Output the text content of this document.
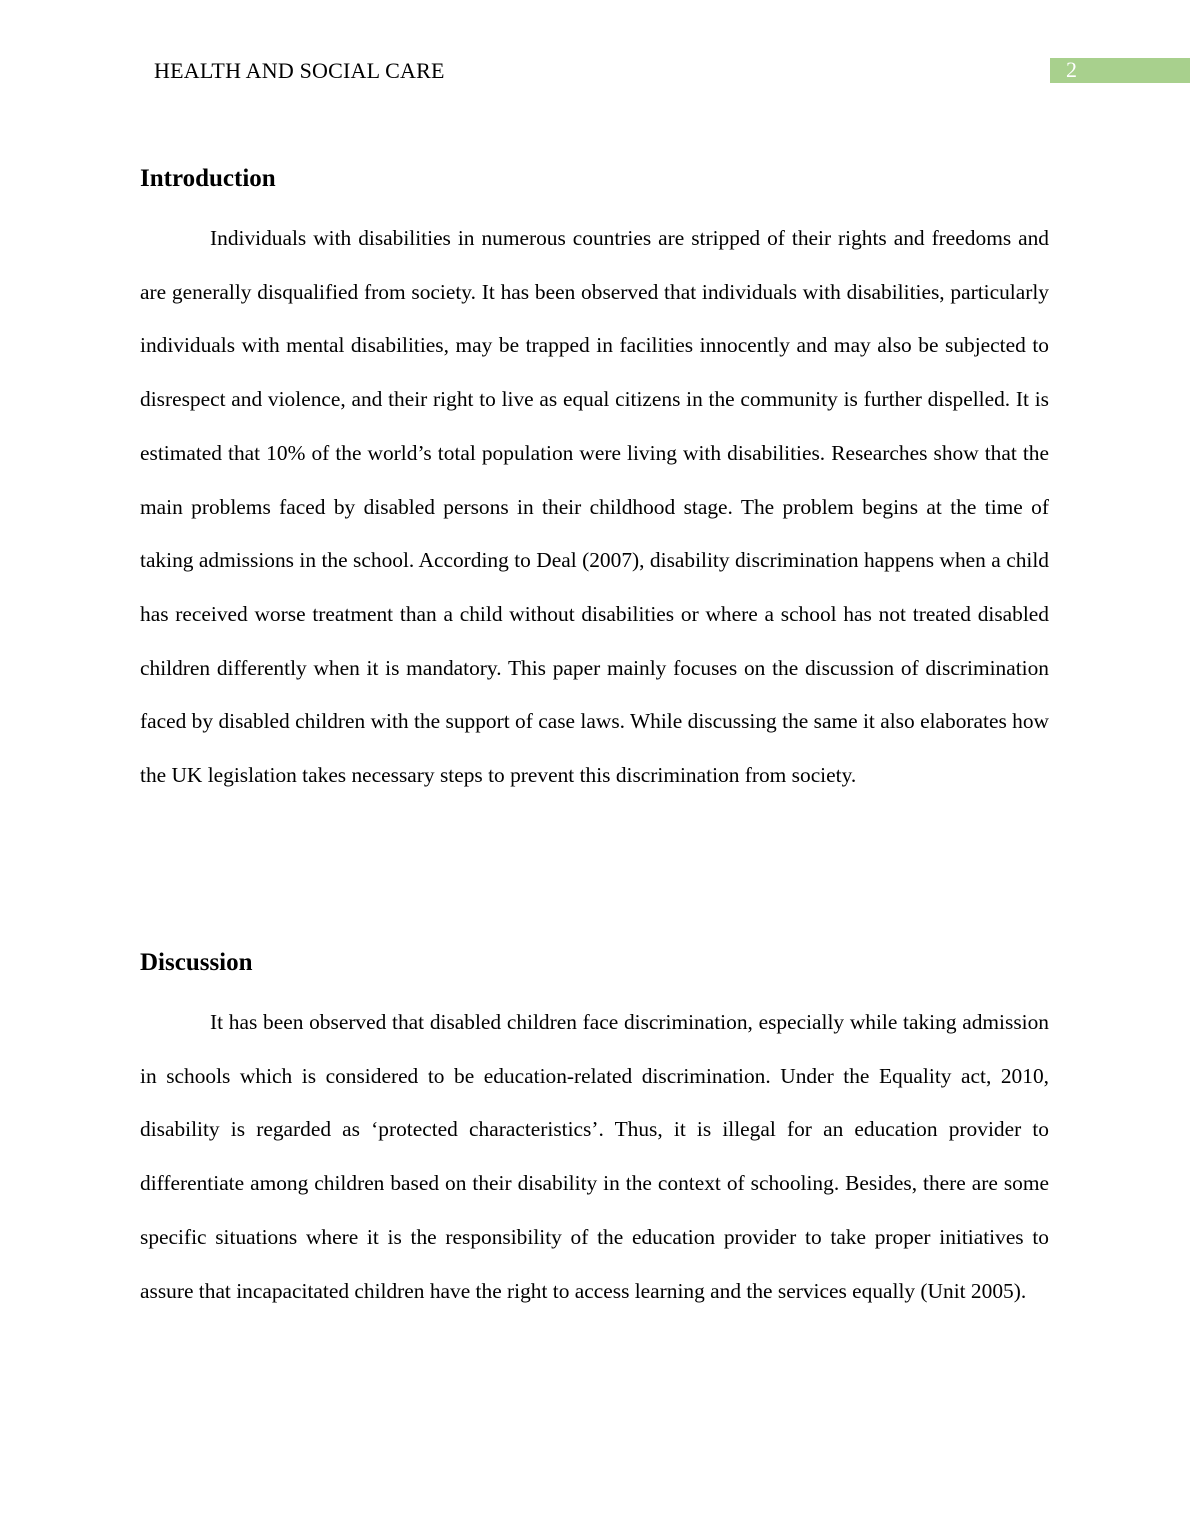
HEALTH AND SOCIAL CARE	2
Introduction

Individuals with disabilities in numerous countries are stripped of their rights and freedoms and are generally disqualified from society. It has been observed that individuals with disabilities, particularly individuals with mental disabilities, may be trapped in facilities innocently and may also be subjected to disrespect and violence, and their right to live as equal citizens in the community is further dispelled. It is estimated that 10% of the world’s total population were living with disabilities. Researches show that the main problems faced by disabled persons in their childhood stage. The problem begins at the time of taking admissions in the school. According to Deal (2007), disability discrimination happens when a child has received worse treatment than a child without disabilities or where a school has not treated disabled children differently when it is mandatory. This paper mainly focuses on the discussion of discrimination faced by disabled children with the support of case laws. While discussing the same it also elaborates how the UK legislation takes necessary steps to prevent this discrimination from society.

Discussion

It has been observed that disabled children face discrimination, especially while taking admission in schools which is considered to be education-related discrimination. Under the Equality act, 2010, disability is regarded as ‘protected characteristics’. Thus, it is illegal for an education provider to differentiate among children based on their disability in the context of schooling. Besides, there are some specific situations where it is the responsibility of the education provider to take proper initiatives to assure that incapacitated children have the right to access learning and the services equally (Unit 2005).
